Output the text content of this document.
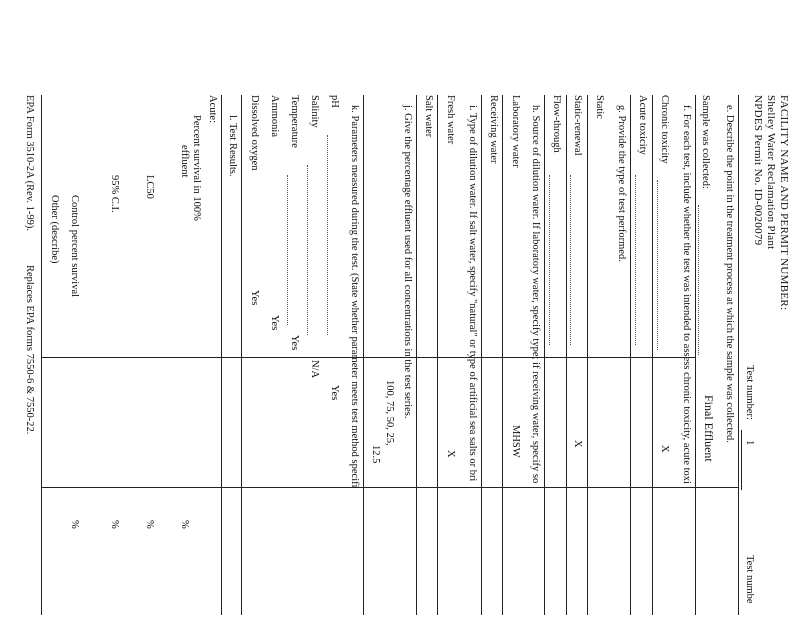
FACILITY NAME AND PERMIT NUMBER:
Shelley Water Reclamation Plant
NPDES Permit No. ID-0020079
Test number:
1
Test numbe
e. Describe the point in the treatment process at which the sample was collected.
Sample was collected:
Final Effluent
f. For each test, include whether the test was intended to assess chronic toxicity, acute toxi
Chronic toxicity
X
Acute toxicity
g. Provide the type of test performed.
Static
Static-renewal
X
Flow-through
h. Source of dilution water. If laboratory water, specify type; if receiving water, specify so
Laboratory water
MHSW
Receiving water
i. Type of dilution water. If salt water, specify "natural" or type of artificial sea salts or bri
Fresh water
X
Salt water
j. Give the percentage effluent used for all concentrations in the test series.
100, 75, 50, 25,
12.5
k. Parameters measured during the test. (State whether parameter meets test method specifi
pH
Yes
Salinity
N/A
Temperature
Yes
Ammonia
Yes
Dissolved oxygen
Yes
l. Test Results.
Acute:
Percent survival in 100%
effluent
%
LC50
%
95% C.I.
%
Control percent survival
%
Other (describe)
EPA Form 3510-2A (Rev. 1-99).
Replaces EPA forms 7550-6 & 7550-22.
